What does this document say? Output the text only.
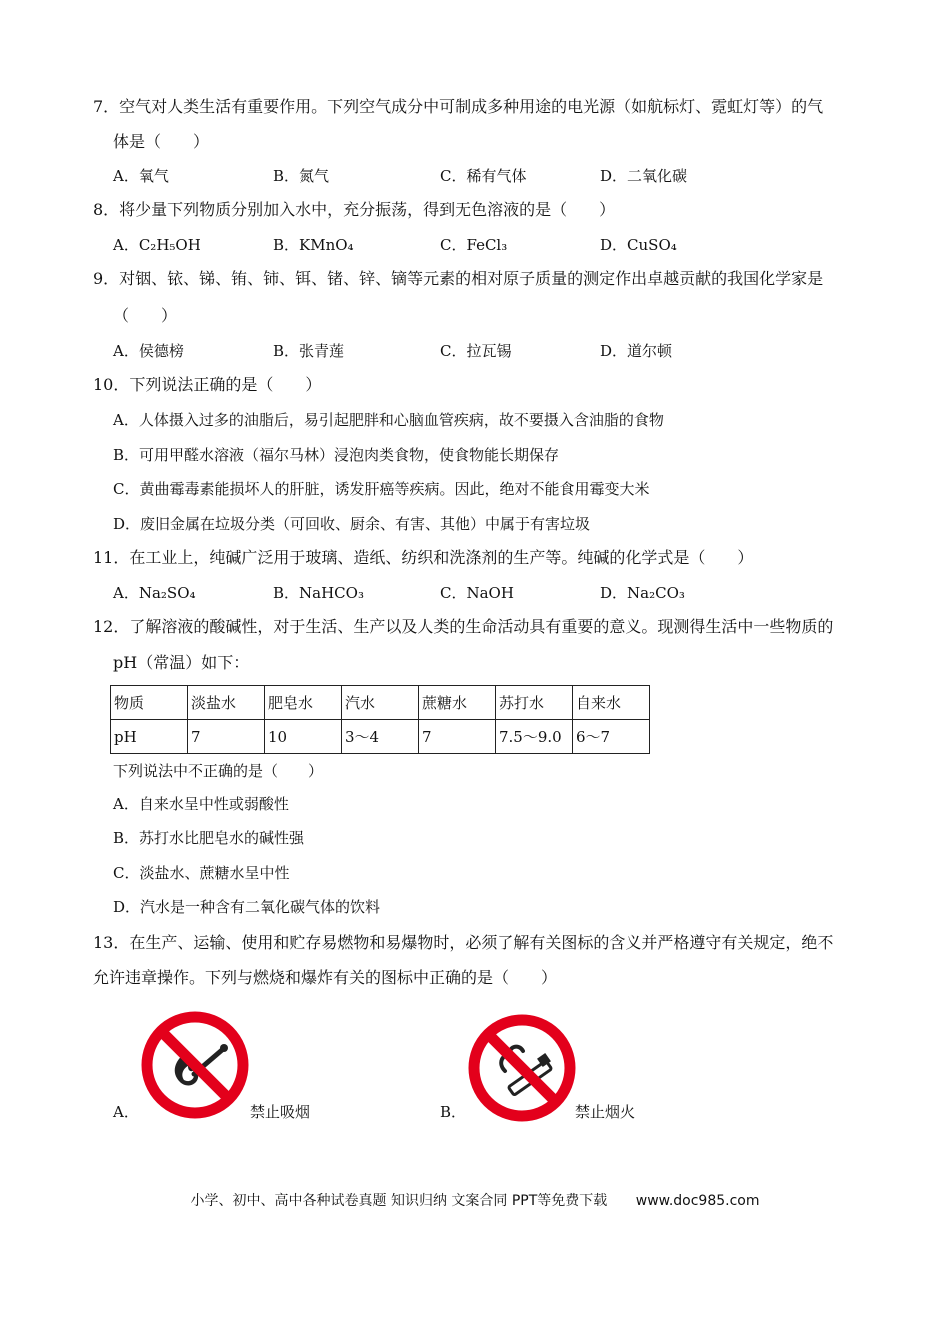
7．空气对人类生活有重要作用。下列空气成分中可制成多种用途的电光源（如航标灯、霓虹灯等）的气
体是（　　）
A．氧气	B．氮气	C．稀有气体	D．二氧化碳
8．将少量下列物质分别加入水中，充分振荡，得到无色溶液的是（　　）
A．C₂H₅OH	B．KMnO₄	C．FeCl₃	D．CuSO₄
9．对铟、铱、锑、铕、铈、铒、锗、锌、镝等元素的相对原子质量的测定作出卓越贡献的我国化学家是
（　　）
A．侯德榜	B．张青莲	C．拉瓦锡	D．道尔顿
10．下列说法正确的是（　　）
A．人体摄入过多的油脂后，易引起肥胖和心脑血管疾病，故不要摄入含油脂的食物
B．可用甲醛水溶液（福尔马林）浸泡肉类食物，使食物能长期保存
C．黄曲霉毒素能损坏人的肝脏，诱发肝癌等疾病。因此，绝对不能食用霉变大米
D．废旧金属在垃圾分类（可回收、厨余、有害、其他）中属于有害垃圾
11．在工业上，纯碱广泛用于玻璃、造纸、纺织和洗涤剂的生产等。纯碱的化学式是（　　）
A．Na₂SO₄	B．NaHCO₃	C．NaOH	D．Na₂CO₃
12．了解溶液的酸碱性，对于生活、生产以及人类的生命活动具有重要的意义。现测得生活中一些物质的
pH（常温）如下：
物质	淡盐水	肥皂水	汽水	蔗糖水	苏打水	自来水
pH	7	10	3～4	7	7.5～9.0	6～7
下列说法中不正确的是（　　）
A．自来水呈中性或弱酸性
B．苏打水比肥皂水的碱性强
C．淡盐水、蔗糖水呈中性
D．汽水是一种含有二氧化碳气体的饮料
13．在生产、运输、使用和贮存易燃物和易爆物时，必须了解有关图标的含义并严格遵守有关规定，绝不
允许违章操作。下列与燃烧和爆炸有关的图标中正确的是（　　）
A．	禁止吸烟	B．	禁止烟火
小学、初中、高中各种试卷真题 知识归纳 文案合同 PPT等免费下载 www.doc985.com
